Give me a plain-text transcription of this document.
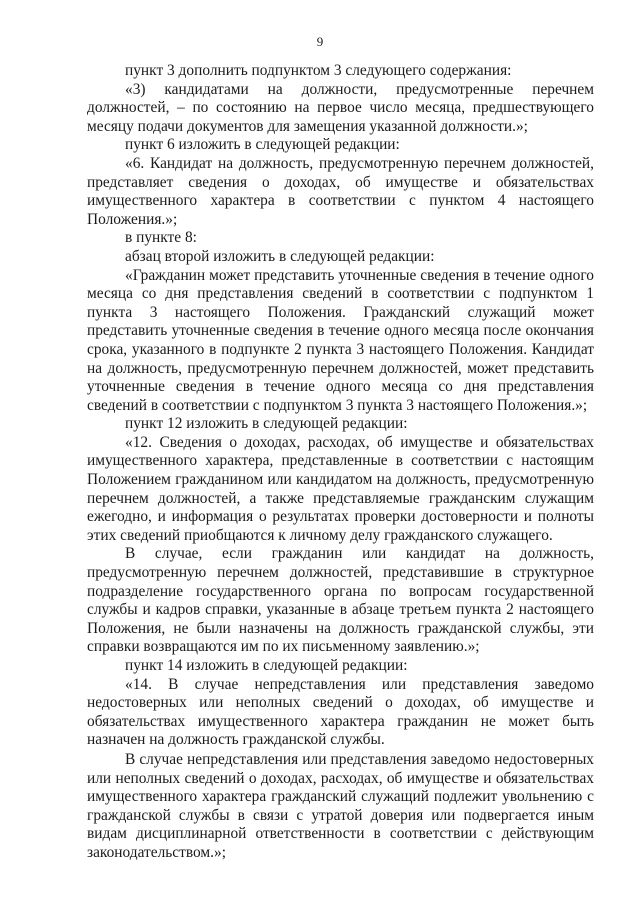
9

пункт 3 дополнить подпунктом 3 следующего содержания:

«3) кандидатами на должности, предусмотренные перечнем должностей, – по состоянию на первое число месяца, предшествующего месяцу подачи документов для замещения указанной должности.»;

пункт 6 изложить в следующей редакции:

«6. Кандидат на должность, предусмотренную перечнем должностей, представляет сведения о доходах, об имуществе и обязательствах имущественного характера в соответствии с пунктом 4 настоящего Положения.»;

в пункте 8:

абзац второй изложить в следующей редакции:

«Гражданин может представить уточненные сведения в течение одного месяца со дня представления сведений в соответствии с подпунктом 1 пункта 3 настоящего Положения. Гражданский служащий может представить уточненные сведения в течение одного месяца после окончания срока, указанного в подпункте 2 пункта 3 настоящего Положения. Кандидат на должность, предусмотренную перечнем должностей, может представить уточненные сведения в течение одного месяца со дня представления сведений в соответствии с подпунктом 3 пункта 3 настоящего Положения.»;

пункт 12 изложить в следующей редакции:

«12. Сведения о доходах, расходах, об имуществе и обязательствах имущественного характера, представленные в соответствии с настоящим Положением гражданином или кандидатом на должность, предусмотренную перечнем должностей, а также представляемые гражданским служащим ежегодно, и информация о результатах проверки достоверности и полноты этих сведений приобщаются к личному делу гражданского служащего.

В случае, если гражданин или кандидат на должность, предусмотренную перечнем должностей, представившие в структурное подразделение государственного органа по вопросам государственной службы и кадров справки, указанные в абзаце третьем пункта 2 настоящего Положения, не были назначены на должность гражданской службы, эти справки возвращаются им по их письменному заявлению.»;

пункт 14 изложить в следующей редакции:

«14. В случае непредставления или представления заведомо недостоверных или неполных сведений о доходах, об имуществе и обязательствах имущественного характера гражданин не может быть назначен на должность гражданской службы.

В случае непредставления или представления заведомо недостоверных или неполных сведений о доходах, расходах, об имуществе и обязательствах имущественного характера гражданский служащий подлежит увольнению с гражданской службы в связи с утратой доверия или подвергается иным видам дисциплинарной ответственности в соответствии с действующим законодательством.»;
